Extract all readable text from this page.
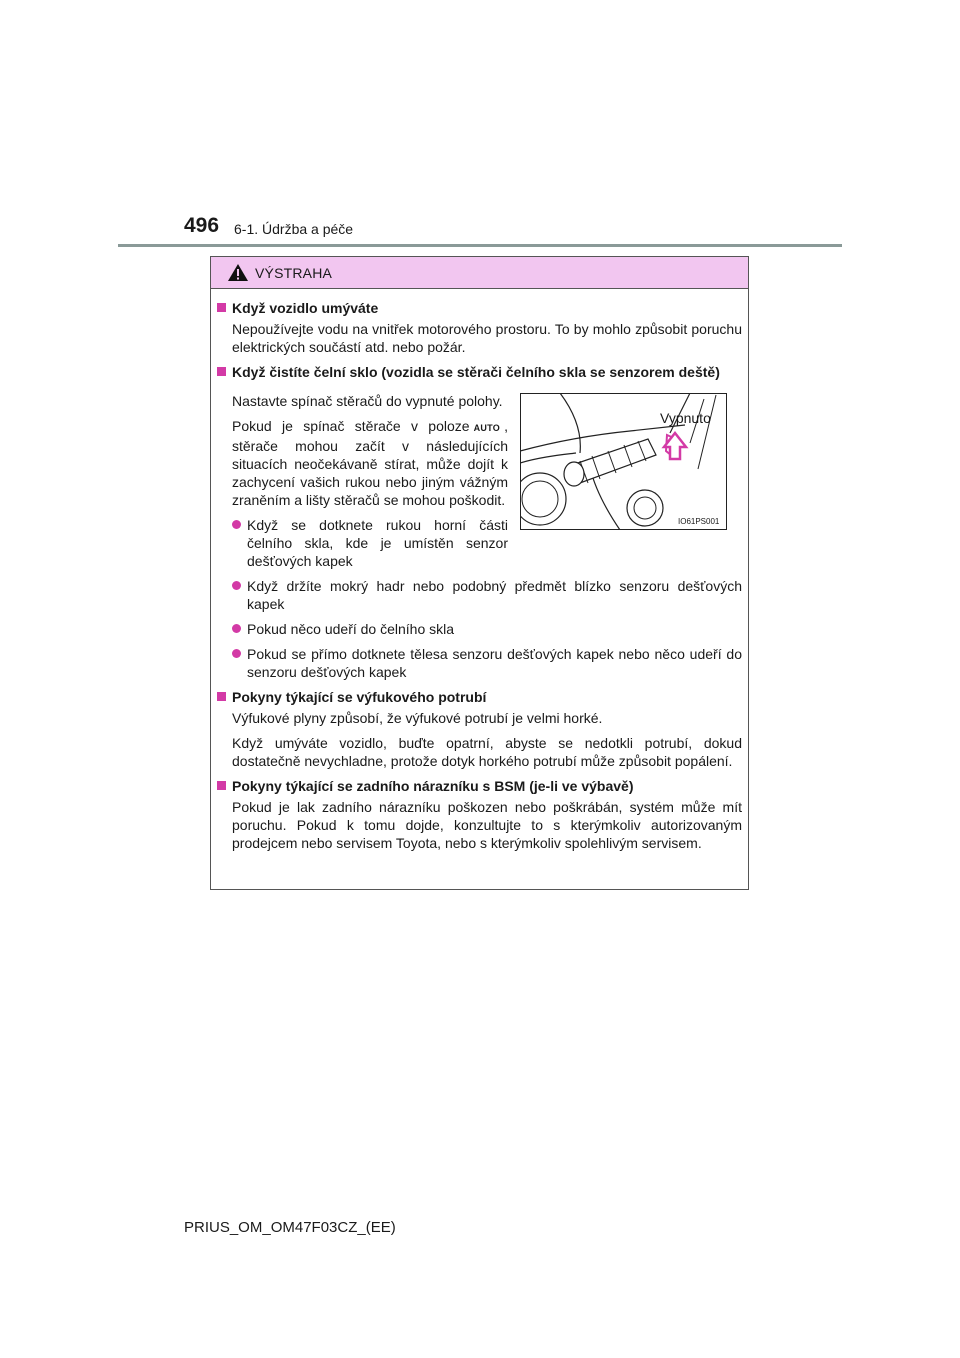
496 6-1. Údržba a péče
VÝSTRAHA
Když vozidlo umýváte
Nepoužívejte vodu na vnitřek motorového prostoru. To by mohlo způsobit poruchu elektrických součástí atd. nebo požár.
Když čistíte čelní sklo (vozidla se stěrači čelního skla se senzorem deště)
Nastavte spínač stěračů do vypnuté polohy.
Pokud je spínač stěrače v poloze AUTO , stěrače mohou začít v následujících situacích neočekávaně stírat, může dojít k zachycení vašich rukou nebo jiným vážným zraněním a lišty stěračů se mohou poškodit.
Když se dotknete rukou horní části čelního skla, kde je umístěn senzor dešťových kapek
Vypnuto
IO61PS001
Když držíte mokrý hadr nebo podobný předmět blízko senzoru dešťových kapek
Pokud něco udeří do čelního skla
Pokud se přímo dotknete tělesa senzoru dešťových kapek nebo něco udeří do senzoru dešťových kapek
Pokyny týkající se výfukového potrubí
Výfukové plyny způsobí, že výfukové potrubí je velmi horké.
Když umýváte vozidlo, buďte opatrní, abyste se nedotkli potrubí, dokud dostatečně nevychladne, protože dotyk horkého potrubí může způsobit popálení.
Pokyny týkající se zadního nárazníku s BSM (je-li ve výbavě)
Pokud je lak zadního nárazníku poškozen nebo poškrábán, systém může mít poruchu. Pokud k tomu dojde, konzultujte to s kterýmkoliv autorizovaným prodejcem nebo servisem Toyota, nebo s kterýmkoliv spolehlivým servisem.
PRIUS_OM_OM47F03CZ_(EE)
